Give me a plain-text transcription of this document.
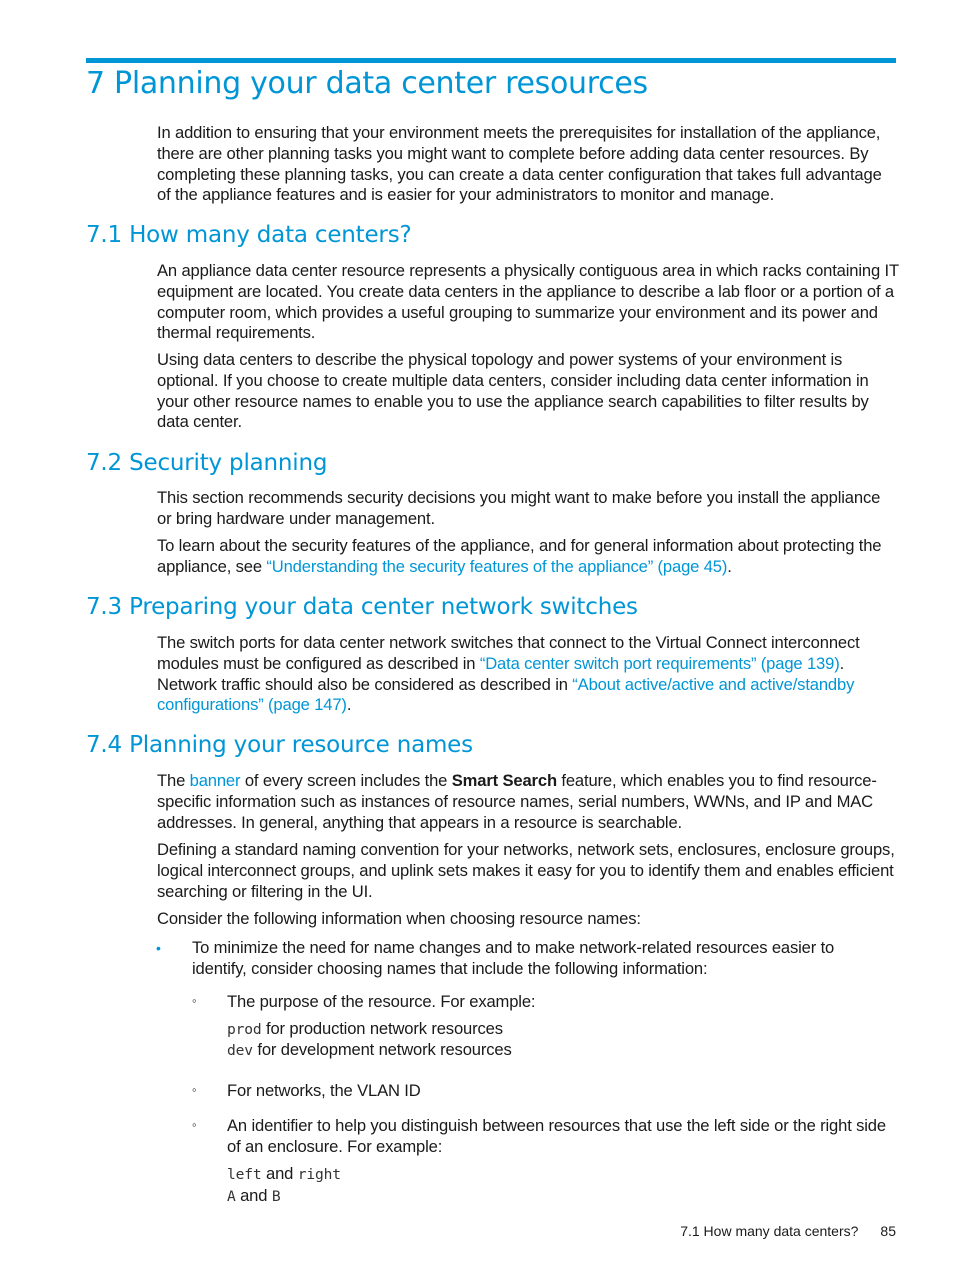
7 Planning your data center resources

In addition to ensuring that your environment meets the prerequisites for installation of the appliance, there are other planning tasks you might want to complete before adding data center resources. By completing these planning tasks, you can create a data center configuration that takes full advantage of the appliance features and is easier for your administrators to monitor and manage.

7.1 How many data centers?

An appliance data center resource represents a physically contiguous area in which racks containing IT equipment are located. You create data centers in the appliance to describe a lab floor or a portion of a computer room, which provides a useful grouping to summarize your environment and its power and thermal requirements.

Using data centers to describe the physical topology and power systems of your environment is optional. If you choose to create multiple data centers, consider including data center information in your other resource names to enable you to use the appliance search capabilities to filter results by data center.

7.2 Security planning

This section recommends security decisions you might want to make before you install the appliance or bring hardware under management.

To learn about the security features of the appliance, and for general information about protecting the appliance, see “Understanding the security features of the appliance” (page 45).

7.3 Preparing your data center network switches

The switch ports for data center network switches that connect to the Virtual Connect interconnect modules must be configured as described in “Data center switch port requirements” (page 139). Network traffic should also be considered as described in “About active/active and active/standby configurations” (page 147).

7.4 Planning your resource names

The banner of every screen includes the Smart Search feature, which enables you to find resource-specific information such as instances of resource names, serial numbers, WWNs, and IP and MAC addresses. In general, anything that appears in a resource is searchable.

Defining a standard naming convention for your networks, network sets, enclosures, enclosure groups, logical interconnect groups, and uplink sets makes it easy for you to identify them and enables efficient searching or filtering in the UI.

Consider the following information when choosing resource names:

•	To minimize the need for name changes and to make network-related resources easier to identify, consider choosing names that include the following information:

◦ The purpose of the resource. For example:

prod for production network resources

dev for development network resources

◦ For networks, the VLAN ID

◦ An identifier to help you distinguish between resources that use the left side or the right side of an enclosure. For example:

left and right

A and B

7.1 How many data centers? 85
